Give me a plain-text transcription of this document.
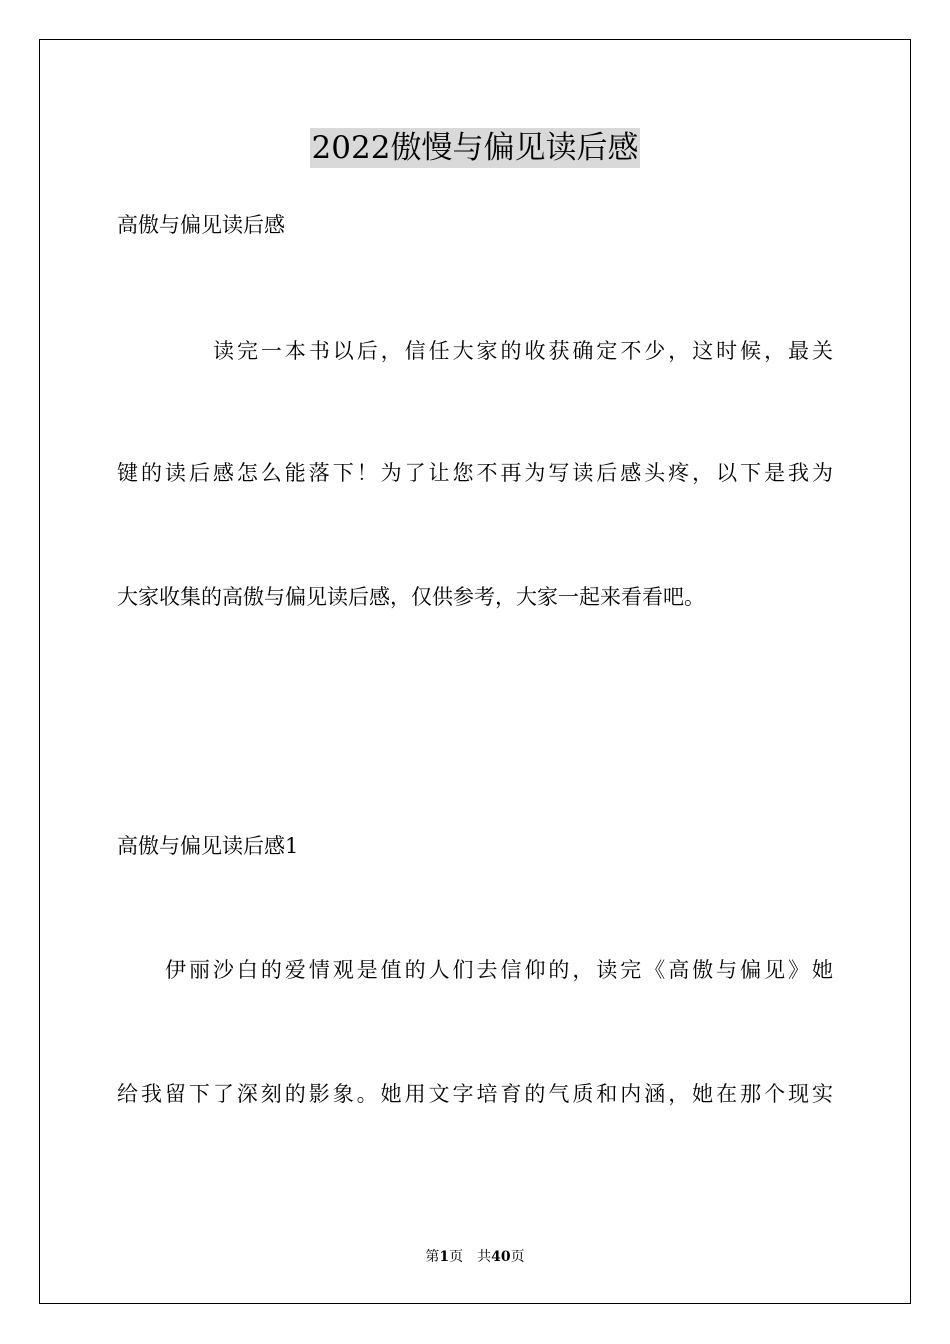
2022傲慢与偏见读后感
高傲与偏见读后感
读完一本书以后，信任大家的收获确定不少，这时候，最关
键的读后感怎么能落下！为了让您不再为写读后感头疼，以下是我为
大家收集的高傲与偏见读后感，仅供参考，大家一起来看看吧。
高傲与偏见读后感1
伊丽沙白的爱情观是值的人们去信仰的，读完《高傲与偏见》她
给我留下了深刻的影象。她用文字培育的气质和内涵，她在那个现实
第1页　共40页
